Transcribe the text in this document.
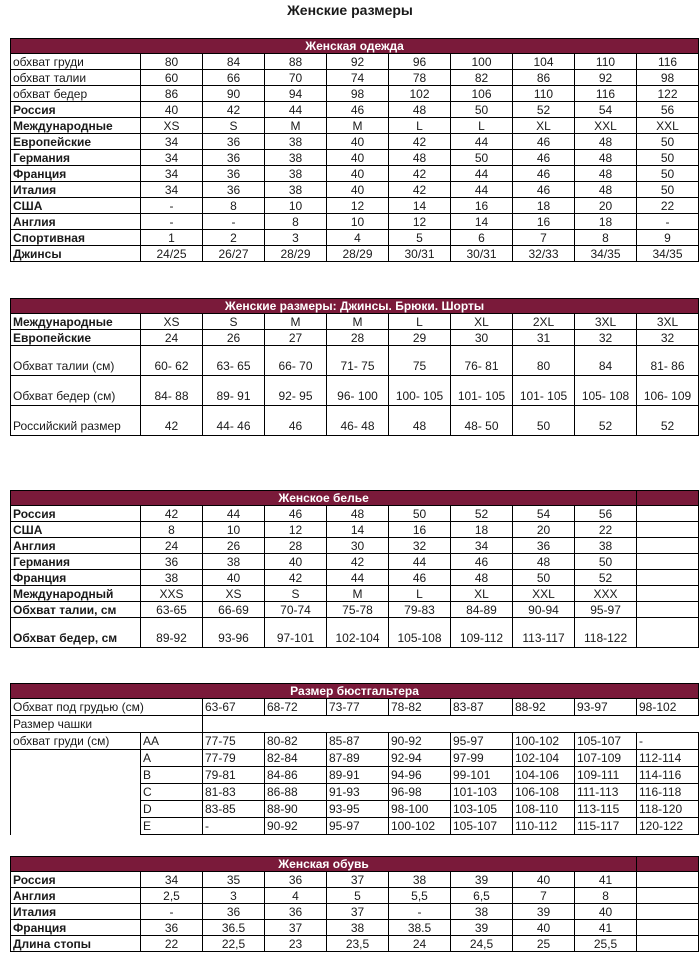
Женские размеры
Женская одежда									
обхват груди	80	84	88	92	96	100	104	110	116
обхват талии	60	66	70	74	78	82	86	92	98
обхват бедер	86	90	94	98	102	106	110	116	122
Россия	40	42	44	46	48	50	52	54	56
Международные	XS	S	M	M	L	L	XL	XXL	XXL
Европейские	34	36	38	40	42	44	46	48	50
Германия	34	36	38	40	48	50	46	48	50
Франция	34	36	38	40	42	44	46	48	50
Италия	34	36	38	40	42	44	46	48	50
США	-	8	10	12	14	16	18	20	22
Англия	-	-	8	10	12	14	16	18	-
Спортивная	1	2	3	4	5	6	7	8	9
Джинсы	24/25	26/27	28/29	28/29	30/31	30/31	32/33	34/35	34/35
Женские размеры: Джинсы. Брюки. Шорты									
Международные	XS	S	M	M	L	XL	2XL	3XL	3XL
Европейские	24	26	27	28	29	30	31	32	32
Обхват талии (см)	60- 62	63- 65	66- 70	71- 75	75	76- 81	80	84	81- 86
Обхват бедер (см)	84- 88	89- 91	92- 95	96- 100	100- 105	101- 105	101- 105	105- 108	106- 109
Российский размер	42	44- 46	46	46- 48	48	48- 50	50	52	52
Женское белье									
Россия	42	44	46	48	50	52	54	56	
США	8	10	12	14	16	18	20	22	
Англия	24	26	28	30	32	34	36	38	
Германия	36	38	40	42	44	46	48	50	
Франция	38	40	42	44	46	48	50	52	
Международный	XXS	XS	S	M	L	XL	XXL	XXX	
Обхват талии, см	63-65	66-69	70-74	75-78	79-83	84-89	90-94	95-97	
Обхват бедер, см	89-92	93-96	97-101	102-104	105-108	109-112	113-117	118-122	
Размер бюстгальтера									
Обхват под грудью (см)		63-67	68-72	73-77	78-82	83-87	88-92	93-97	98-102
Размер чашки									
обхват груди (см)	AA	77-75	80-82	85-87	90-92	95-97	100-102	105-107	-
	A	77-79	82-84	87-89	92-94	97-99	102-104	107-109	112-114
	B	79-81	84-86	89-91	94-96	99-101	104-106	109-111	114-116
	C	81-83	86-88	91-93	96-98	101-103	106-108	111-113	116-118
	D	83-85	88-90	93-95	98-100	103-105	108-110	113-115	118-120
	E	-	90-92	95-97	100-102	105-107	110-112	115-117	120-122
Женская обувь									
Россия	34	35	36	37	38	39	40	41	
Англия	2,5	3	4	5	5,5	6,5	7	8	
Италия	-	36	36	37	-	38	39	40	
Франция	36	36.5	37	38	38.5	39	40	41	
Длина стопы	22	22,5	23	23,5	24	24,5	25	25,5	
